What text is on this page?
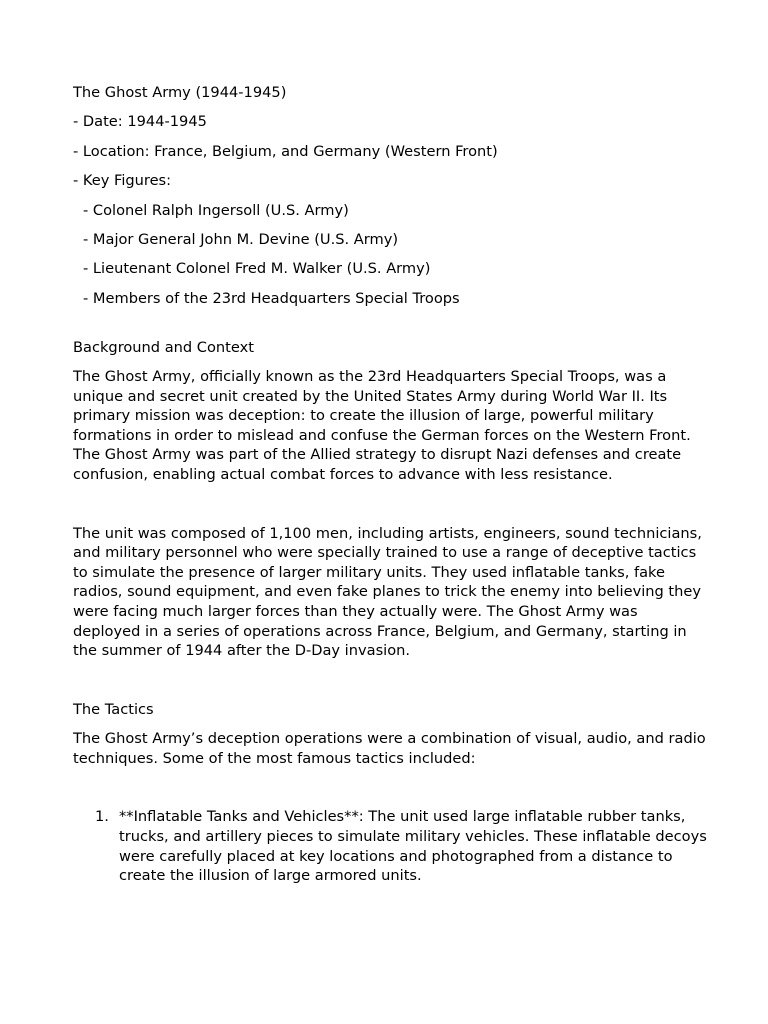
The Ghost Army (1944-1945)
- Date: 1944-1945
- Location: France, Belgium, and Germany (Western Front)
- Key Figures:
- Colonel Ralph Ingersoll (U.S. Army)
- Major General John M. Devine (U.S. Army)
- Lieutenant Colonel Fred M. Walker (U.S. Army)
- Members of the 23rd Headquarters Special Troops
Background and Context

The Ghost Army, officially known as the 23rd Headquarters Special Troops, was a unique and secret unit created by the United States Army during World War II. Its primary mission was deception: to create the illusion of large, powerful military formations in order to mislead and confuse the German forces on the Western Front. The Ghost Army was part of the Allied strategy to disrupt Nazi defenses and create confusion, enabling actual combat forces to advance with less resistance.

The unit was composed of 1,100 men, including artists, engineers, sound technicians, and military personnel who were specially trained to use a range of deceptive tactics to simulate the presence of larger military units. They used inflatable tanks, fake radios, sound equipment, and even fake planes to trick the enemy into believing they were facing much larger forces than they actually were. The Ghost Army was deployed in a series of operations across France, Belgium, and Germany, starting in the summer of 1944 after the D-Day invasion.

The Tactics

The Ghost Army’s deception operations were a combination of visual, audio, and radio techniques. Some of the most famous tactics included:

1. **Inflatable Tanks and Vehicles**: The unit used large inflatable rubber tanks, trucks, and artillery pieces to simulate military vehicles. These inflatable decoys were carefully placed at key locations and photographed from a distance to create the illusion of large armored units.
